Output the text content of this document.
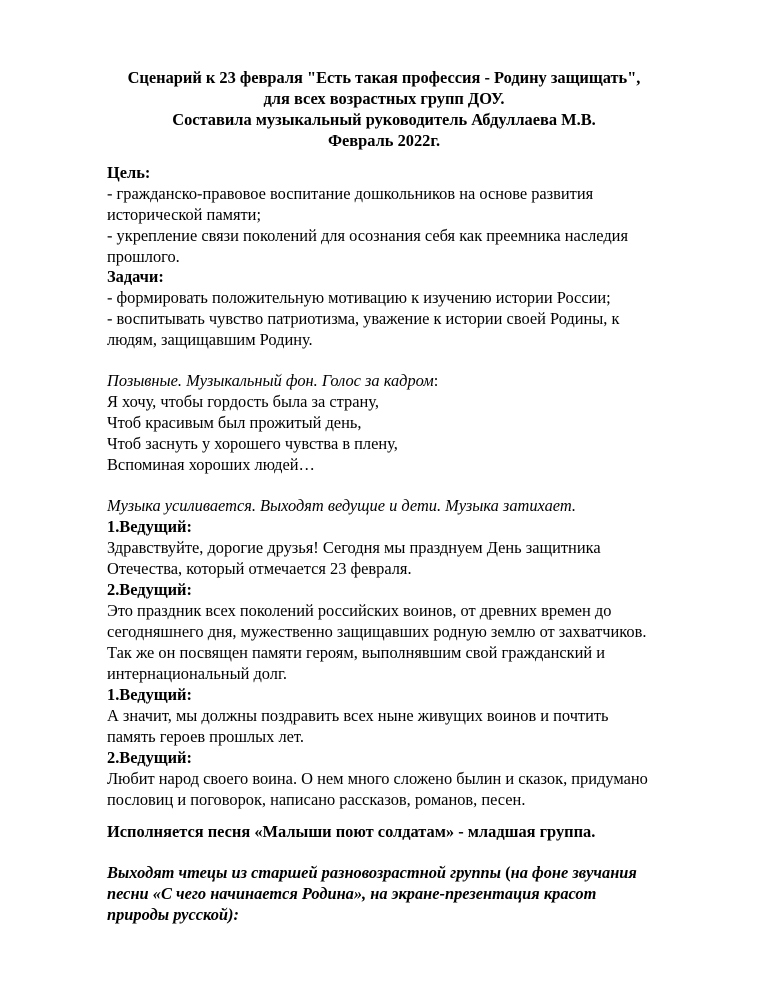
Сценарий к 23 февраля "Есть такая профессия - Родину защищать",
для всех возрастных групп ДОУ.
Составила музыкальный руководитель Абдуллаева М.В.
Февраль 2022г.
Цель:
- гражданско-правовое воспитание дошкольников на основе развития
исторической памяти;
- укрепление связи поколений для осознания себя как преемника наследия
прошлого.
Задачи:
- формировать положительную мотивацию к изучению истории России;
- воспитывать чувство патриотизма, уважение к истории своей Родины, к
людям, защищавшим Родину.
Позывные. Музыкальный фон. Голос за кадром:
Я хочу, чтобы гордость была за страну,
Чтоб красивым был прожитый день,
Чтоб заснуть у хорошего чувства в плену,
Вспоминая хороших людей…
Музыка усиливается. Выходят ведущие и дети. Музыка затихает.
1.Ведущий:
Здравствуйте, дорогие друзья! Сегодня мы празднуем День защитника
Отечества, который отмечается 23 февраля.
2.Ведущий:
Это праздник всех поколений российских воинов, от древних времен до
сегодняшнего дня, мужественно защищавших родную землю от захватчиков.
Так же он посвящен памяти героям, выполнявшим свой гражданский и
интернациональный долг.
1.Ведущий:
А значит, мы должны поздравить всех ныне живущих воинов и почтить
память героев прошлых лет.
2.Ведущий:
Любит народ своего воина. О нем много сложено былин и сказок, придумано
пословиц и поговорок, написано рассказов, романов, песен.
Исполняется песня «Малыши поют солдатам» - младшая группа.
Выходят чтецы из старшей разновозрастной группы (на фоне звучания
песни «С чего начинается Родина», на экране-презентация красот
природы русской):
